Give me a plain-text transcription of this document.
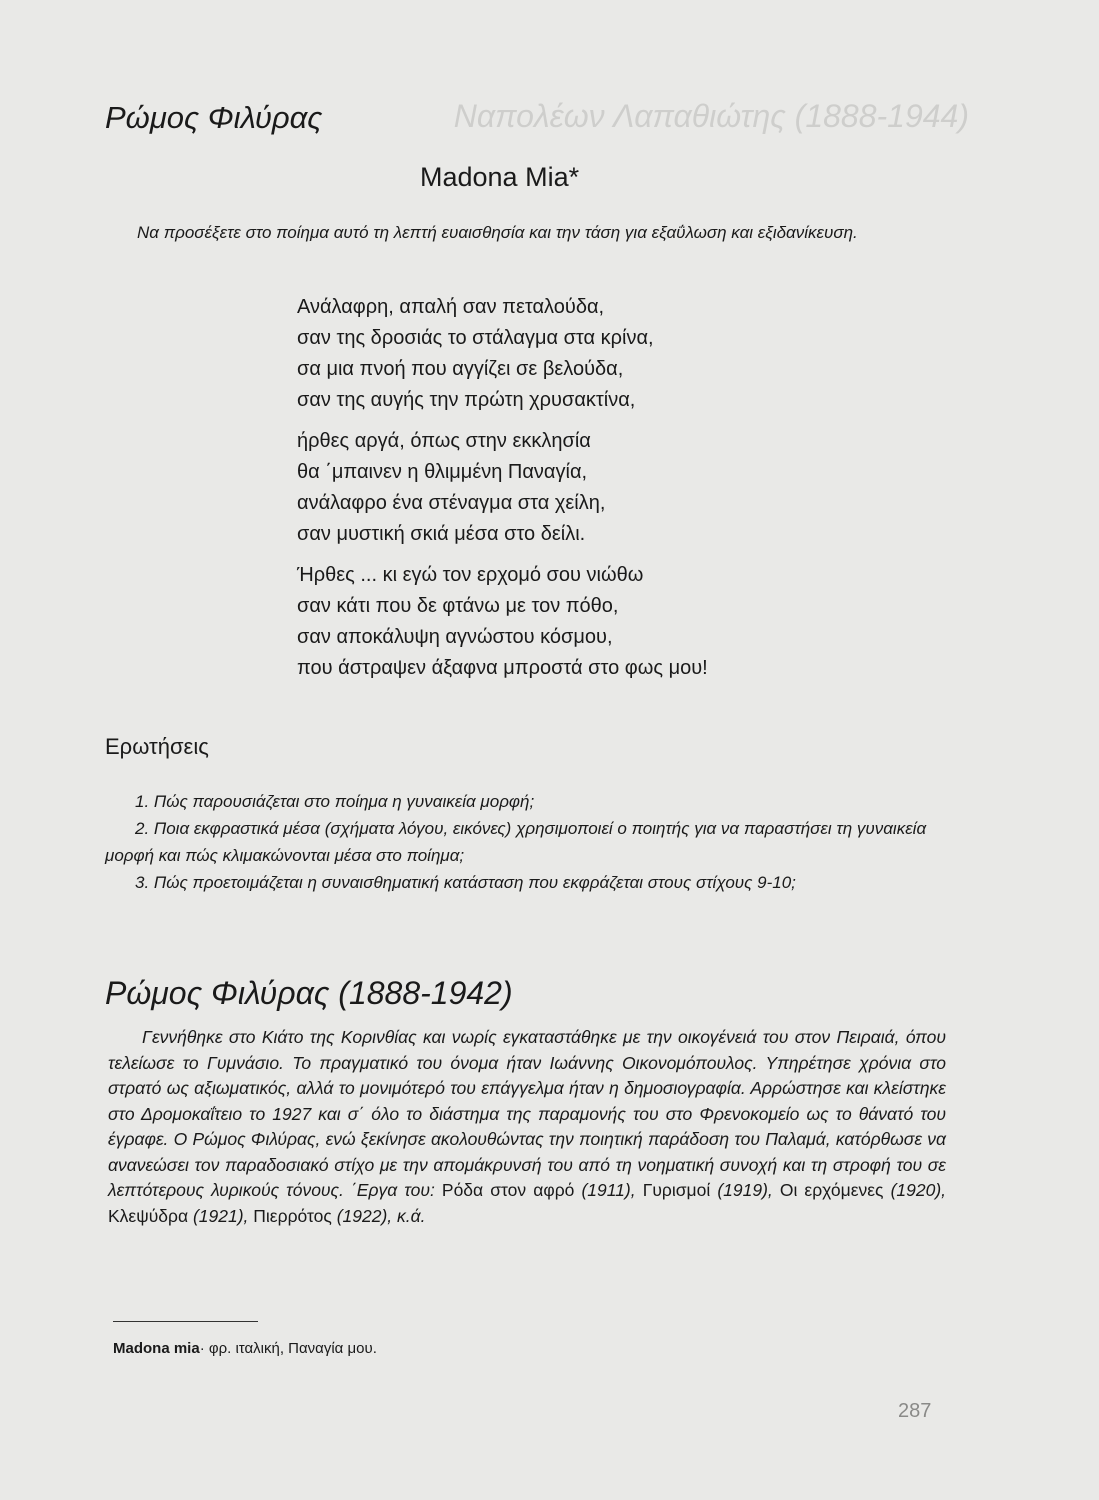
Ναπολέων Λαπαθιώτης (1888-1944)
Ρώμος Φιλύρας
Madona Mia*

Να προσέξετε στο ποίημα αυτό τη λεπτή ευαισθησία και την τάση για εξαΰλωση και εξιδανίκευση.

Ανάλαφρη, απαλή σαν πεταλούδα,
σαν της δροσιάς το στάλαγμα στα κρίνα,
σα μια πνοή που αγγίζει σε βελούδα,
σαν της αυγής την πρώτη χρυσακτίνα,
ήρθες αργά, όπως στην εκκλησία
θα ΄μπαινεν η θλιμμένη Παναγία,
ανάλαφρο ένα στέναγμα στα χείλη,
σαν μυστική σκιά μέσα στο δείλι.
Ήρθες ... κι εγώ τον ερχομό σου νιώθω
σαν κάτι που δε φτάνω με τον πόθο,
σαν αποκάλυψη αγνώστου κόσμου,
που άστραψεν άξαφνα μπροστά στο φως μου!
Ερωτήσεις
1. Πώς παρουσιάζεται στο ποίημα η γυναικεία μορφή;
2. Ποια εκφραστικά μέσα (σχήματα λόγου, εικόνες) χρησιμοποιεί ο ποιητής για να παραστήσει τη γυναικεία μορφή και πώς κλιμακώνονται μέσα στο ποίημα;
3. Πώς προετοιμάζεται η συναισθηματική κατάσταση που εκφράζεται στους στίχους 9-10;
Ρώμος Φιλύρας (1888-1942)

Γεννήθηκε στο Κιάτο της Κορινθίας και νωρίς εγκαταστάθηκε με την οικογένειά του στον Πειραιά, όπου τελείωσε το Γυμνάσιο. Το πραγματικό του όνομα ήταν Ιωάννης Οικονομόπουλος. Υπηρέτησε χρόνια στο στρατό ως αξιωματικός, αλλά το μονιμότερό του επάγγελμα ήταν η δημοσιογραφία. Αρρώστησε και κλείστηκε στο Δρομοκαΐτειο το 1927 και σ΄ όλο το διάστημα της παραμονής του στο Φρενοκομείο ως το θάνατό του έγραφε. Ο Ρώμος Φιλύρας, ενώ ξεκίνησε ακολουθώντας την ποιητική παράδοση του Παλαμά, κατόρθωσε να ανανεώσει τον παραδοσιακό στίχο με την απομάκρυνσή του από τη νοηματική συνοχή και τη στροφή του σε λεπτότερους λυρικούς τόνους. ΄Εργα του: Ρόδα στον αφρό (1911), Γυρισμοί (1919), Οι ερχόμενες (1920), Κλεψύδρα (1921), Πιερρότος (1922), κ.ά.

Madona mia· φρ. ιταλική, Παναγία μου.

287
